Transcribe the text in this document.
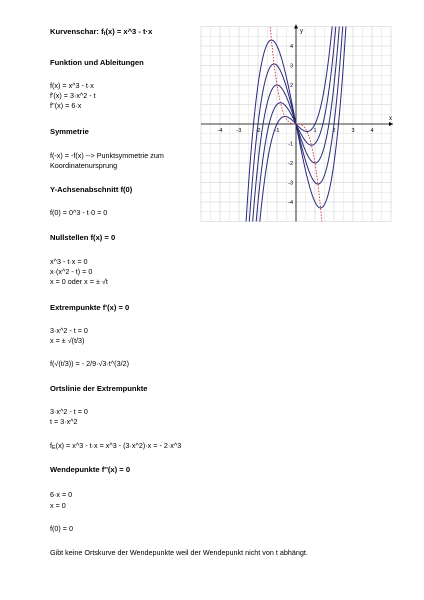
Kurvenschar: $f_t(x)$ = x^3 - t·x
Funktion und Ableitungen
f(x) = x^3 - t·x
f'(x) = 3·x^2 - t
f''(x) = 6·x
Symmetrie
f(-x) = -f(x) --> Punktsymmetrie zum
Koordinatenursprung
Y-Achsenabschnitt f(0)
f(0) = 0^3 - t·0 = 0
Nullstellen f(x) = 0
x^3 - t·x = 0
x·(x^2 - t) = 0
x = 0 oder x = ± √t
Extrempunkte f'(x) = 0
3·x^2 - t = 0
x = ± √(t/3)
f(√(t/3)) = - 2/9·√3·t^(3/2)
Ortslinie der Extrempunkte
3·x^2 - t = 0
t = 3·x^2
$f_E(x)$ = x^3 - t·x = x^3 - (3·x^2)·x = - 2·x^3
Wendepunkte f''(x) = 0
6·x = 0
x = 0
f(0) = 0
Gibt keine Ortskurve der Wendepunkte weil der Wendepunkt nicht von t abhängt.
x
y
-4	-3	-2	-1	1	2	3	4
4
3
2
1
-1
-2
-3
-4
